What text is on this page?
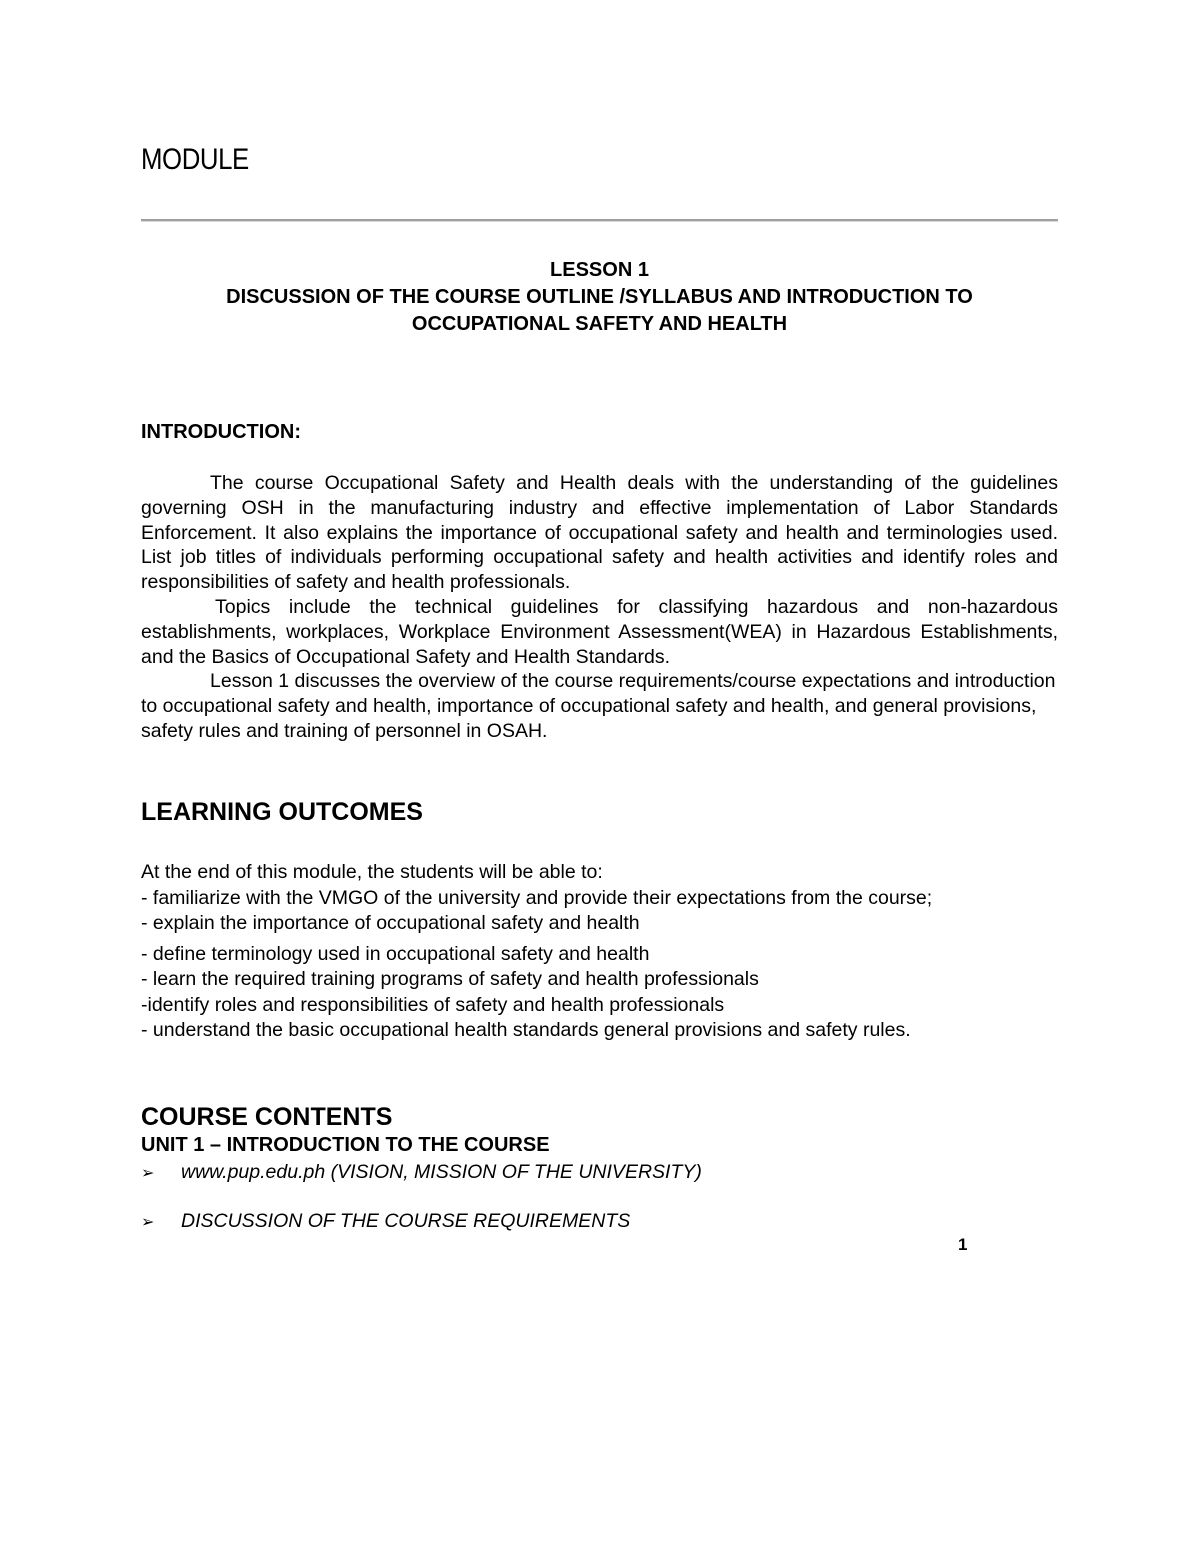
MODULE
LESSON 1
DISCUSSION OF THE COURSE OUTLINE /SYLLABUS AND INTRODUCTION TO
OCCUPATIONAL SAFETY AND HEALTH
INTRODUCTION:

The course Occupational Safety and Health deals with the understanding of the guidelines governing OSH in the manufacturing industry and effective implementation of Labor Standards Enforcement. It also explains the importance of occupational safety and health and terminologies used. List job titles of individuals performing occupational safety and health activities and identify roles and responsibilities of safety and health professionals.

Topics include the technical guidelines for classifying hazardous and non-hazardous establishments, workplaces, Workplace Environment Assessment(WEA) in Hazardous Establishments, and the Basics of Occupational Safety and Health Standards.

Lesson 1 discusses the overview of the course requirements/course expectations and introduction to occupational safety and health, importance of occupational safety and health, and general provisions, safety rules and training of personnel in OSAH.

LEARNING OUTCOMES
At the end of this module, the students will be able to:
- familiarize with the VMGO of the university and provide their expectations from the course;
- explain the importance of occupational safety and health
- define terminology used in occupational safety and health
- learn the required training programs of safety and health professionals
-identify roles and responsibilities of safety and health professionals
- understand the basic occupational health standards general provisions and safety rules.
COURSE CONTENTS
UNIT 1 – INTRODUCTION TO THE COURSE
➢ www.pup.edu.ph (VISION, MISSION OF THE UNIVERSITY)
➢ DISCUSSION OF THE COURSE REQUIREMENTS
1
